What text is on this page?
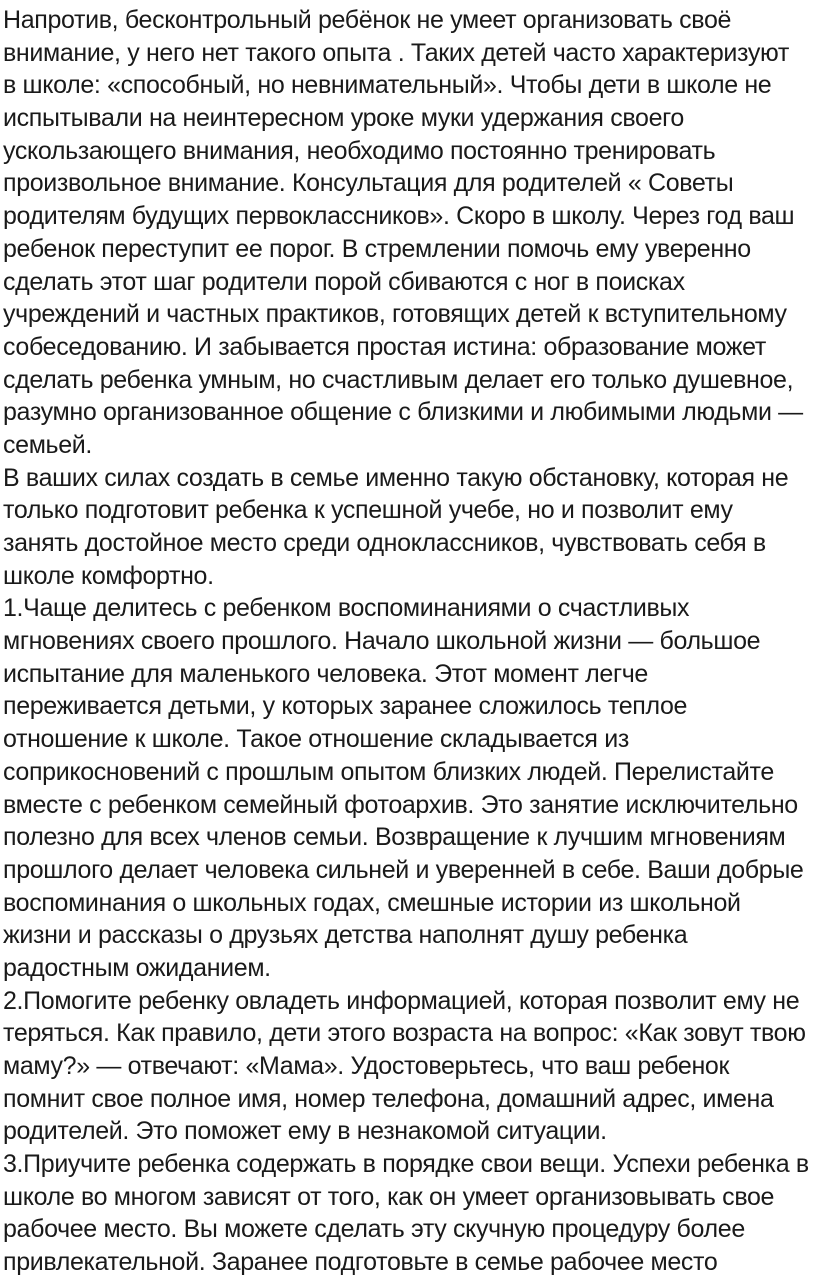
Напротив, бесконтрольный ребёнок не умеет организовать своё
внимание, у него нет такого опыта . Таких детей часто характеризуют
в школе: «способный, но невнимательный». Чтобы дети в школе не
испытывали на неинтересном уроке муки удержания своего
ускользающего внимания, необходимо постоянно тренировать
произвольное внимание. Консультация для родителей « Советы
родителям будущих первоклассников». Скоро в школу. Через год ваш
ребенок переступит ее порог. В стремлении помочь ему уверенно
сделать этот шаг родители порой сбиваются с ног в поисках
учреждений и частных практиков, готовящих детей к вступительному
собеседованию. И забывается простая истина: образование может
сделать ребенка умным, но счастливым делает его только душевное,
разумно организованное общение с близкими и любимыми людьми —
семьей.
В ваших силах создать в семье именно такую обстановку, которая не
только подготовит ребенка к успешной учебе, но и позволит ему
занять достойное место среди одноклассников, чувствовать себя в
школе комфортно.
1.Чаще делитесь с ребенком воспоминаниями о счастливых
мгновениях своего прошлого. Начало школьной жизни — большое
испытание для маленького человека. Этот момент легче
переживается детьми, у которых заранее сложилось теплое
отношение к школе. Такое отношение складывается из
соприкосновений с прошлым опытом близких людей. Перелистайте
вместе с ребенком семейный фотоархив. Это занятие исключительно
полезно для всех членов семьи. Возвращение к лучшим мгновениям
прошлого делает человека сильней и уверенней в себе. Ваши добрые
воспоминания о школьных годах, смешные истории из школьной
жизни и рассказы о друзьях детства наполнят душу ребенка
радостным ожиданием.
2.Помогите ребенку овладеть информацией, которая позволит ему не
теряться. Как правило, дети этого возраста на вопрос: «Как зовут твою
маму?» — отвечают: «Мама». Удостоверьтесь, что ваш ребенок
помнит свое полное имя, номер телефона, домашний адрес, имена
родителей. Это поможет ему в незнакомой ситуации.
3.Приучите ребенка содержать в порядке свои вещи. Успехи ребенка в
школе во многом зависят от того, как он умеет организовывать свое
рабочее место. Вы можете сделать эту скучную процедуру более
привлекательной. Заранее подготовьте в семье рабочее место
